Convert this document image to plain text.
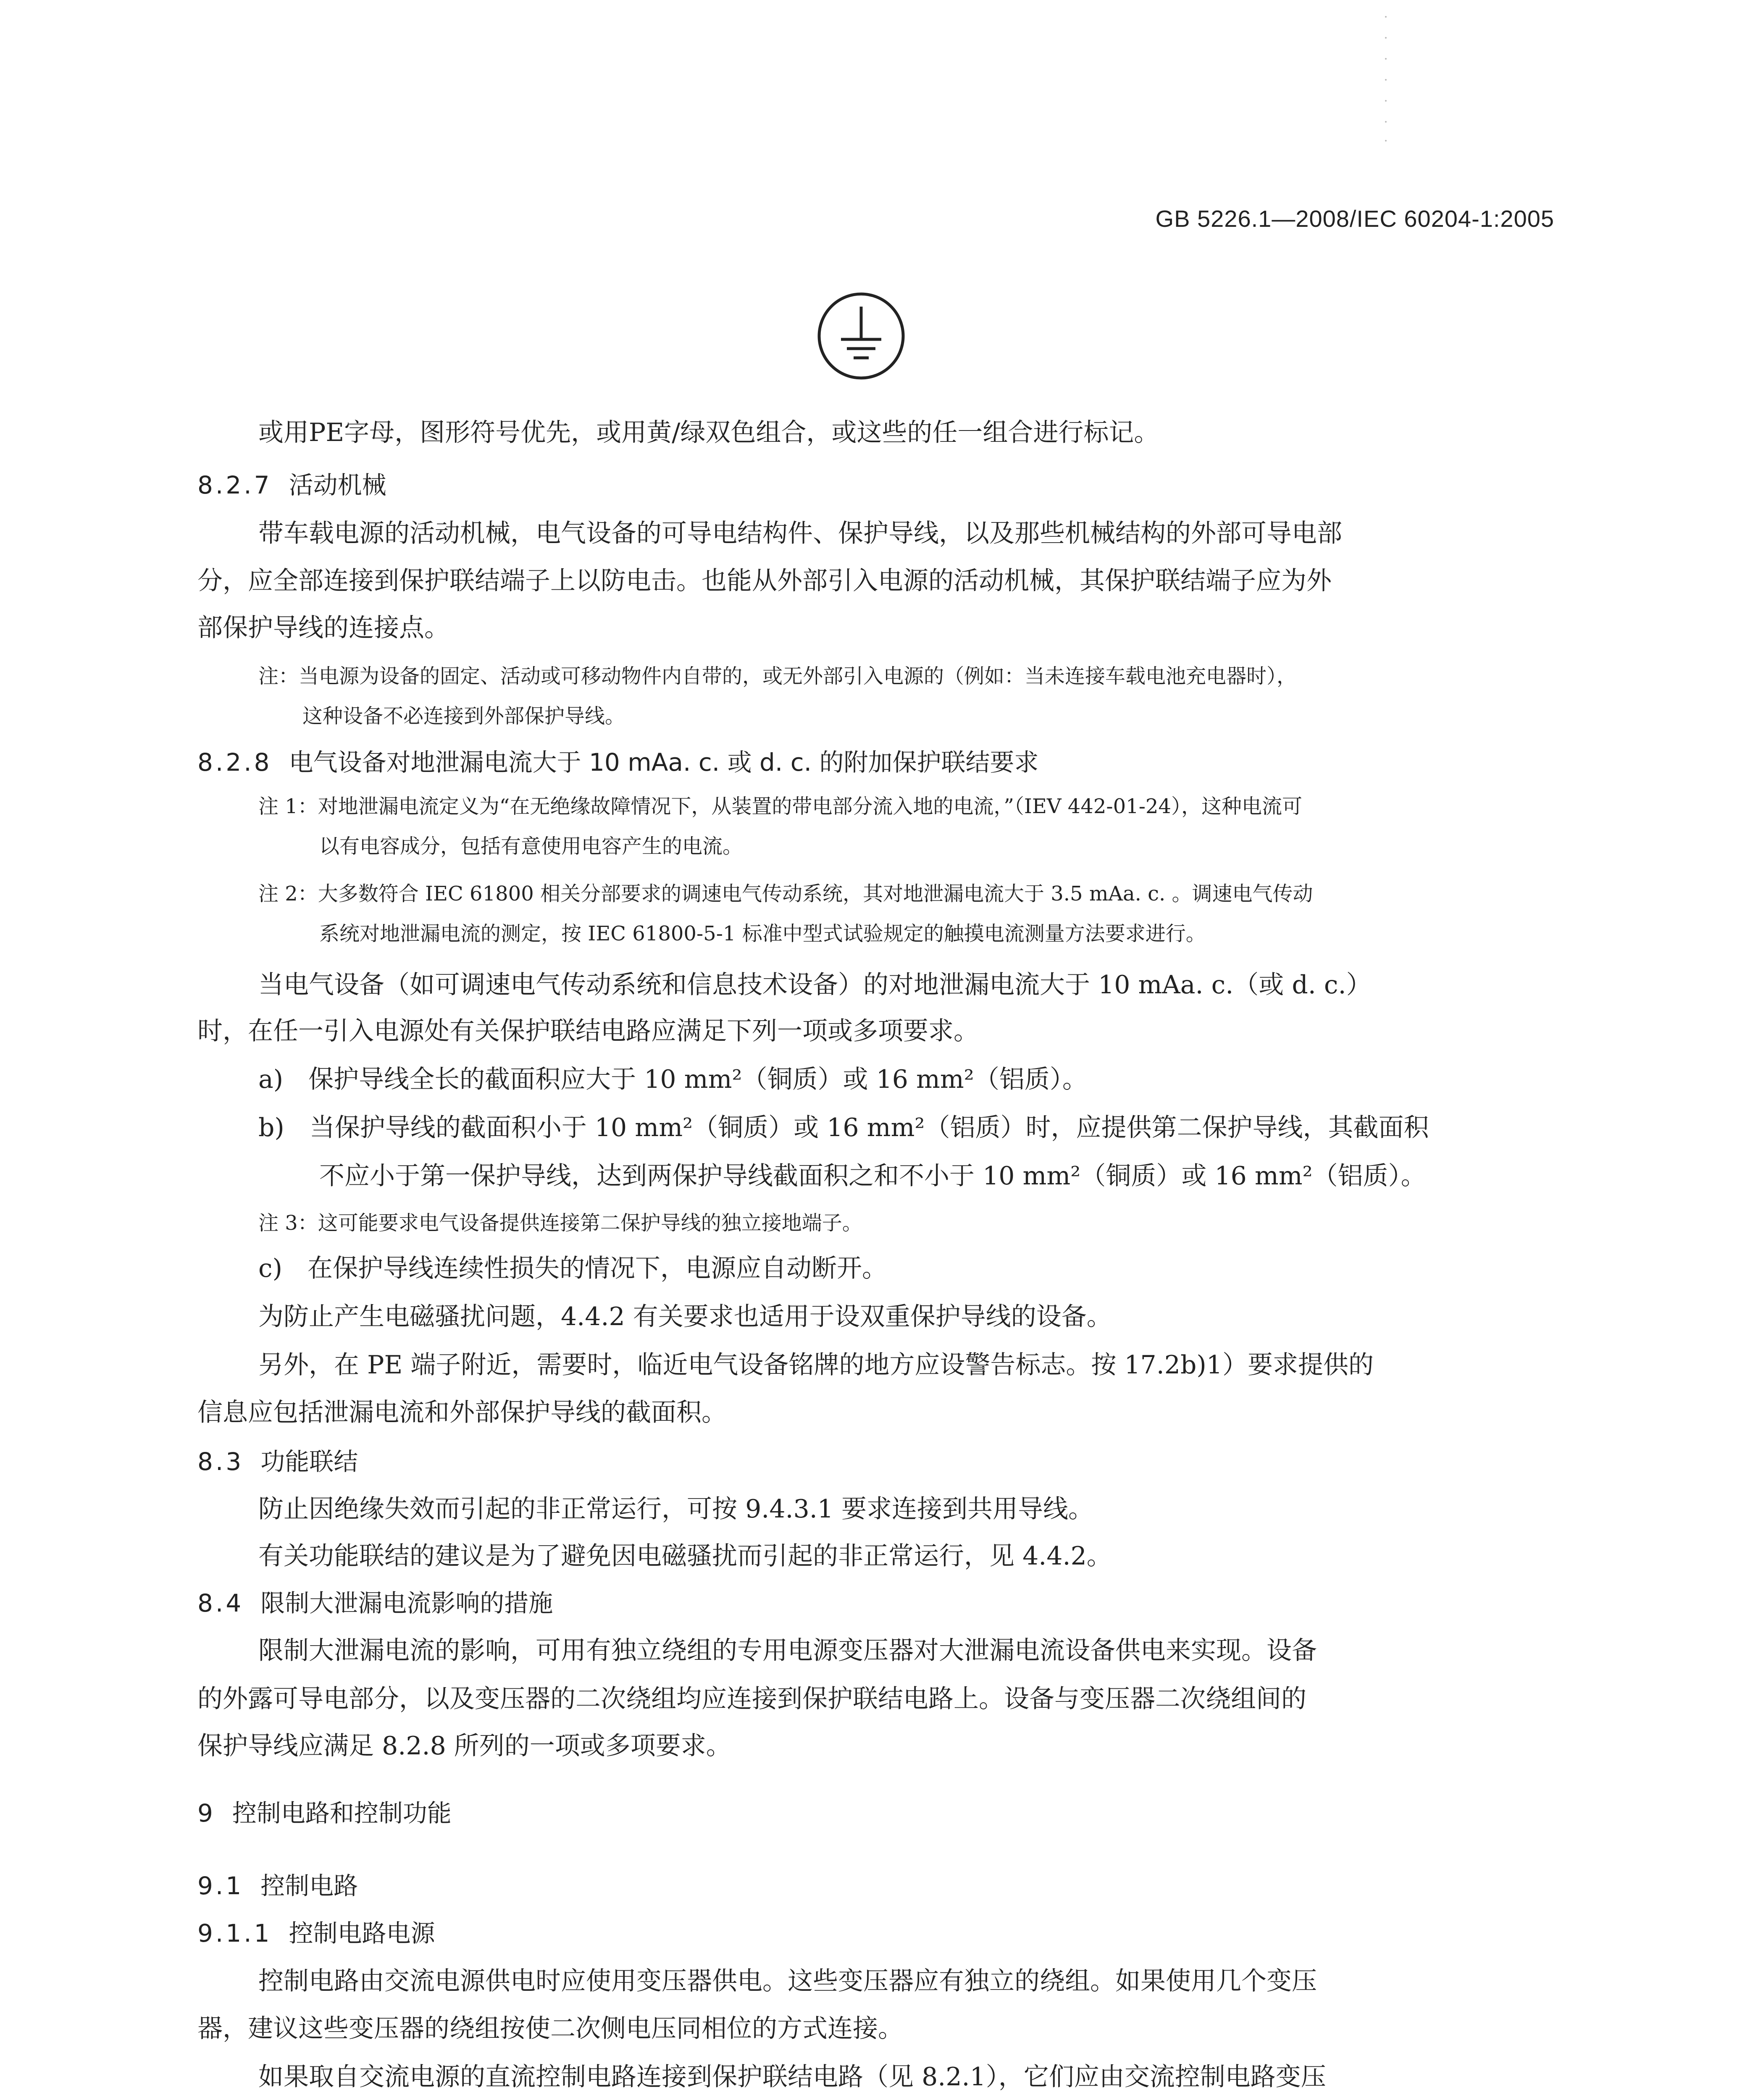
GB 5226.1—2008/IEC 60204-1:2005
或用PE字母，图形符号优先，或用黄/绿双色组合，或这些的任一组合进行标记。
8.2.7 活动机械
带车载电源的活动机械，电气设备的可导电结构件、保护导线，以及那些机械结构的外部可导电部
分，应全部连接到保护联结端子上以防电击。也能从外部引入电源的活动机械，其保护联结端子应为外
部保护导线的连接点。
注：当电源为设备的固定、活动或可移动物件内自带的，或无外部引入电源的（例如：当未连接车载电池充电器时），
这种设备不必连接到外部保护导线。
8.2.8 电气设备对地泄漏电流大于 10 mAa. c. 或 d. c. 的附加保护联结要求
注 1：对地泄漏电流定义为“在无绝缘故障情况下，从装置的带电部分流入地的电流，”（IEV 442-01-24），这种电流可
以有电容成分，包括有意使用电容产生的电流。
注 2：大多数符合 IEC 61800 相关分部要求的调速电气传动系统，其对地泄漏电流大于 3.5 mAa. c. 。调速电气传动
系统对地泄漏电流的测定，按 IEC 61800-5-1 标准中型式试验规定的触摸电流测量方法要求进行。
当电气设备（如可调速电气传动系统和信息技术设备）的对地泄漏电流大于 10 mAa. c.（或 d. c.）
时，在任一引入电源处有关保护联结电路应满足下列一项或多项要求。
a)　保护导线全长的截面积应大于 10 mm²（铜质）或 16 mm²（铝质）。
b)　当保护导线的截面积小于 10 mm²（铜质）或 16 mm²（铝质）时，应提供第二保护导线，其截面积
不应小于第一保护导线，达到两保护导线截面积之和不小于 10 mm²（铜质）或 16 mm²（铝质）。
注 3：这可能要求电气设备提供连接第二保护导线的独立接地端子。
c)　在保护导线连续性损失的情况下，电源应自动断开。
为防止产生电磁骚扰问题，4.4.2 有关要求也适用于设双重保护导线的设备。
另外，在 PE 端子附近，需要时，临近电气设备铭牌的地方应设警告标志。按 17.2b)1）要求提供的
信息应包括泄漏电流和外部保护导线的截面积。
8.3 功能联结
防止因绝缘失效而引起的非正常运行，可按 9.4.3.1 要求连接到共用导线。
有关功能联结的建议是为了避免因电磁骚扰而引起的非正常运行，见 4.4.2。
8.4 限制大泄漏电流影响的措施
限制大泄漏电流的影响，可用有独立绕组的专用电源变压器对大泄漏电流设备供电来实现。设备
的外露可导电部分，以及变压器的二次绕组均应连接到保护联结电路上。设备与变压器二次绕组间的
保护导线应满足 8.2.8 所列的一项或多项要求。
9 控制电路和控制功能
9.1 控制电路
9.1.1 控制电路电源
控制电路由交流电源供电时应使用变压器供电。这些变压器应有独立的绕组。如果使用几个变压
器，建议这些变压器的绕组按使二次侧电压同相位的方式连接。
如果取自交流电源的直流控制电路连接到保护联结电路（见 8.2.1），它们应由交流控制电路变压
